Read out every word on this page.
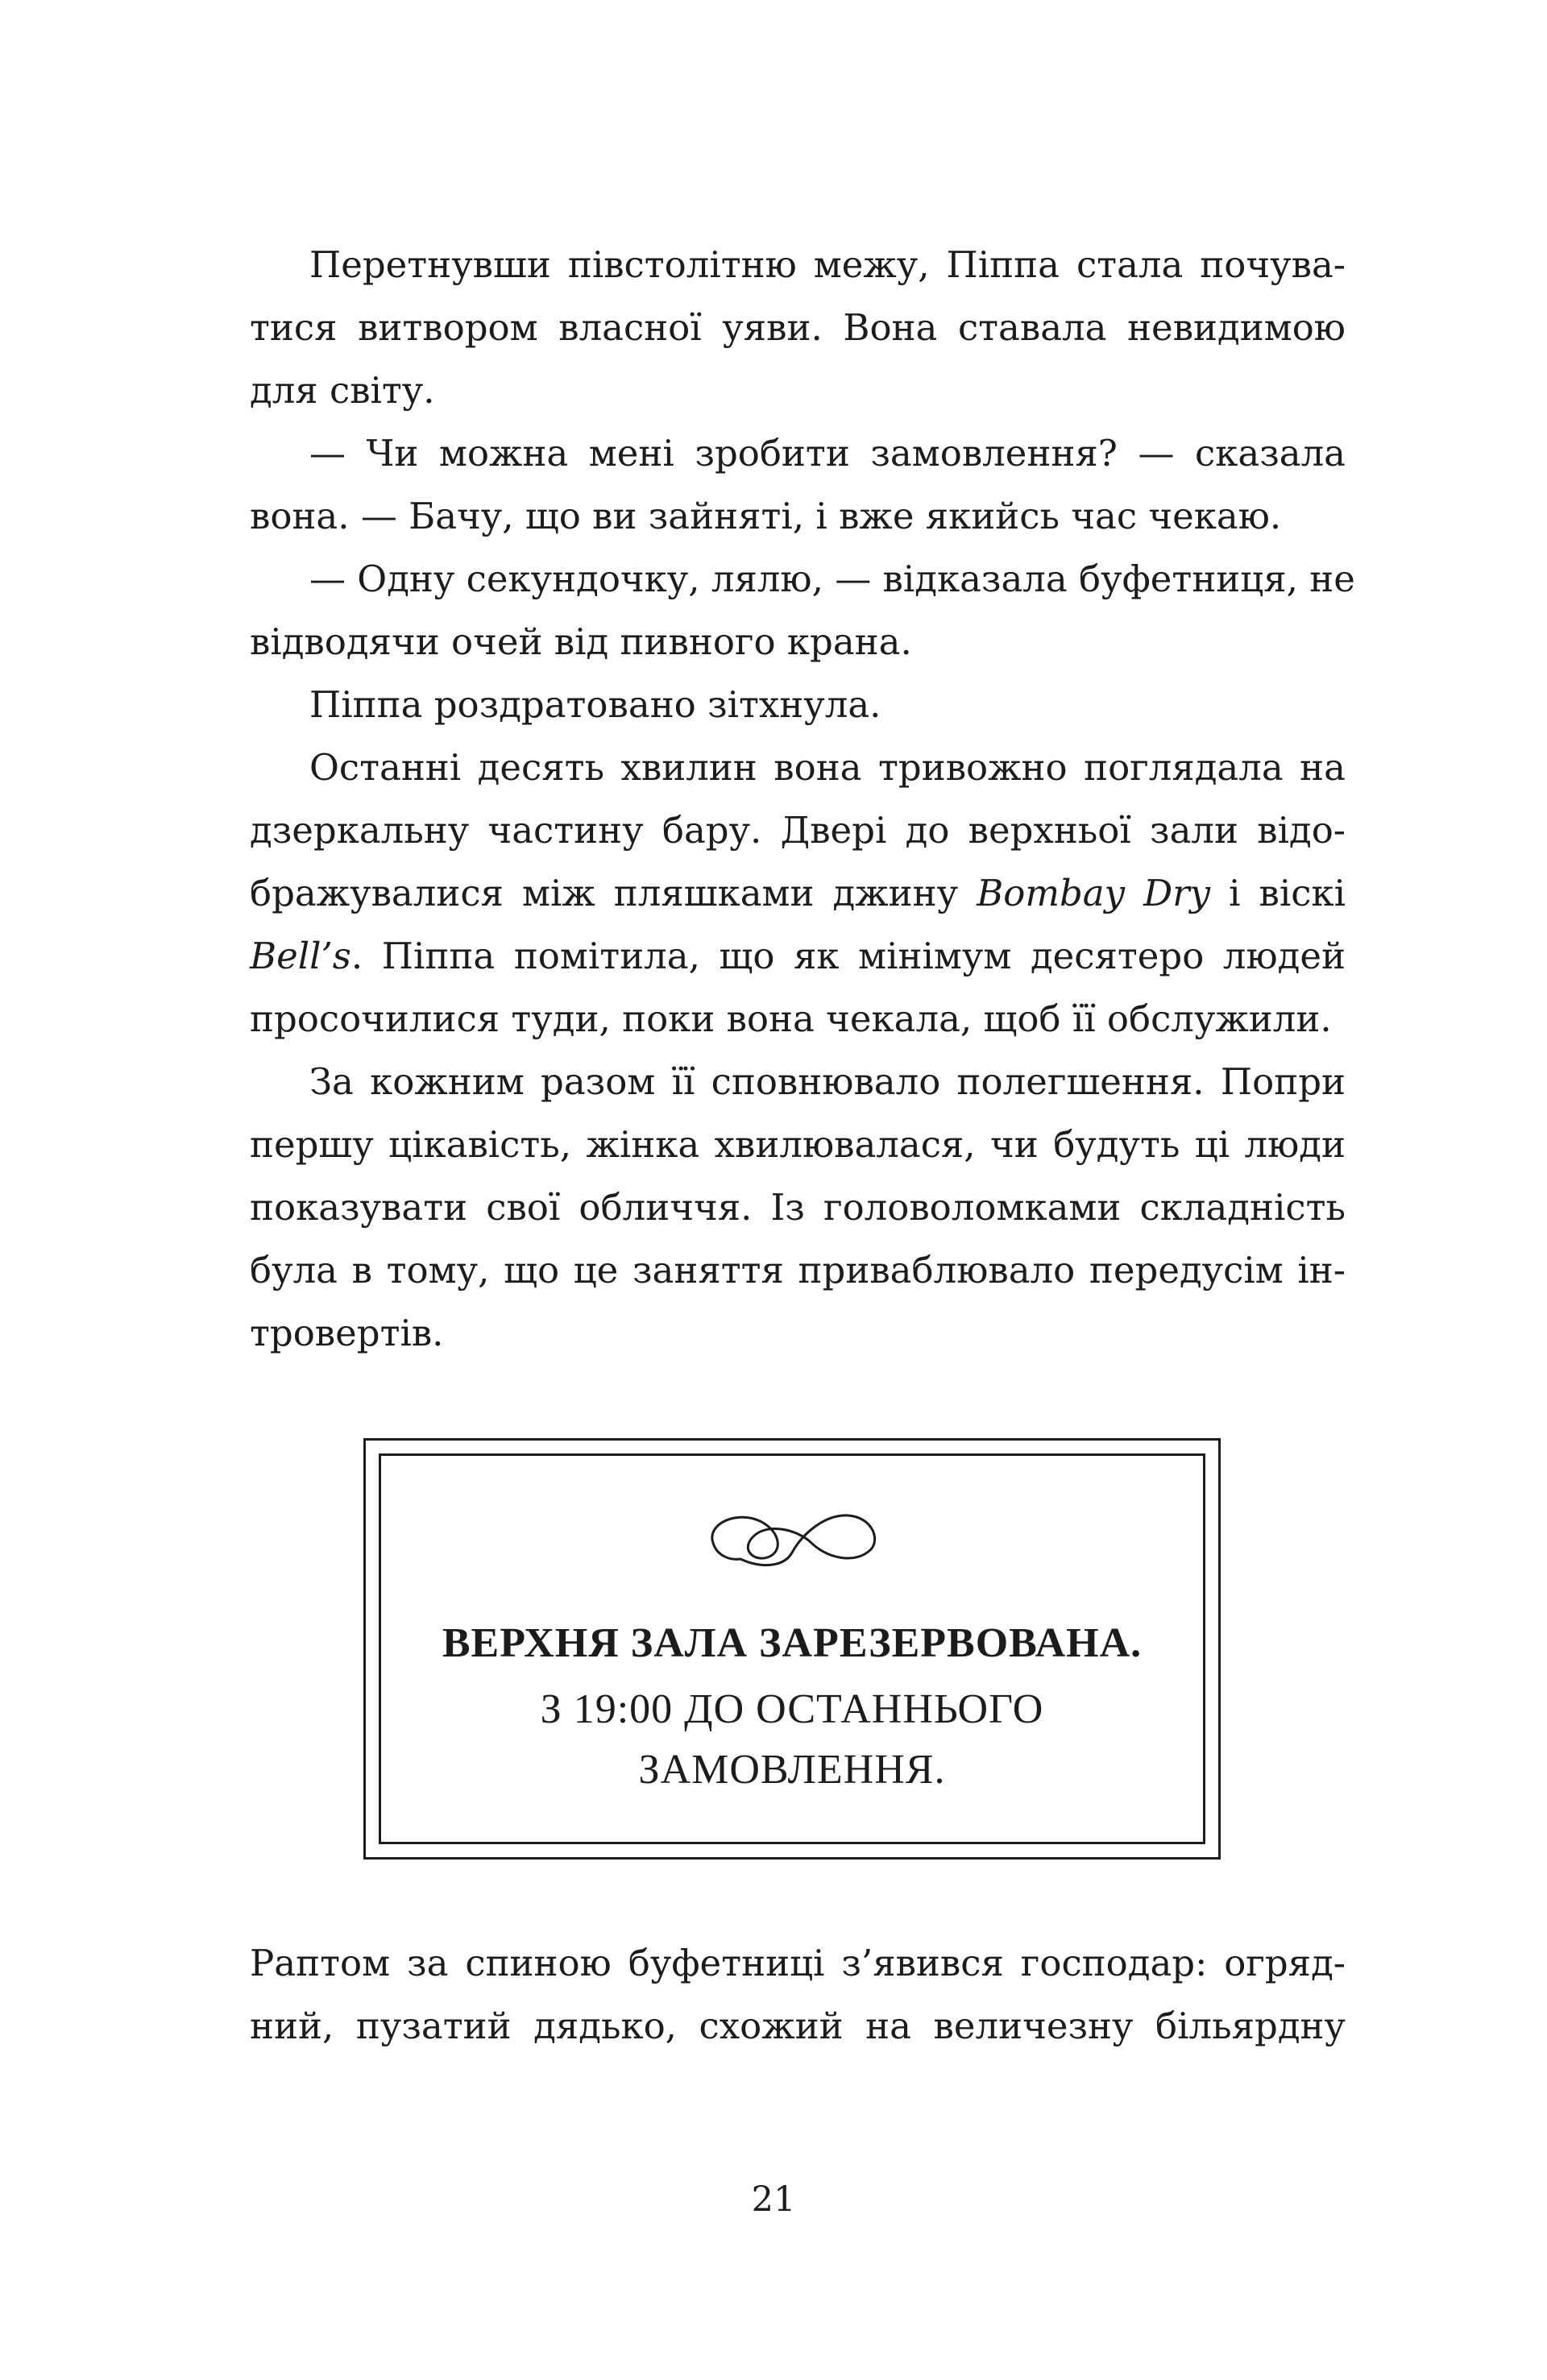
Перетнувши півстолітню межу, Піппа стала почува-
тися витвором власної уяви. Вона ставала невидимою
для світу.
— Чи можна мені зробити замовлення? — сказала
вона. — Бачу, що ви зайняті, і вже якийсь час чекаю.
— Одну секундочку, лялю, — відказала буфетниця, не
відводячи очей від пивного крана.
Піппа роздратовано зітхнула.
Останні десять хвилин вона тривожно поглядала на
дзеркальну частину бару. Двері до верхньої зали відо-
бражувалися між пляшками джину Bombay Dry і віскі
Bell’s. Піппа помітила, що як мінімум десятеро людей
просочилися туди, поки вона чекала, щоб її обслужили.
За кожним разом її сповнювало полегшення. Попри
першу цікавість, жінка хвилювалася, чи будуть ці люди
показувати свої обличчя. Із головоломками складність
була в тому, що це заняття приваблювало передусім ін-
тровертів.
ВЕРХНЯ ЗАЛА ЗАРЕЗЕРВОВАНА.
З 19:00 ДО ОСТАННЬОГО
ЗАМОВЛЕННЯ.
Раптом за спиною буфетниці з’явився господар: огряд-
ний, пузатий дядько, схожий на величезну більярдну
21
